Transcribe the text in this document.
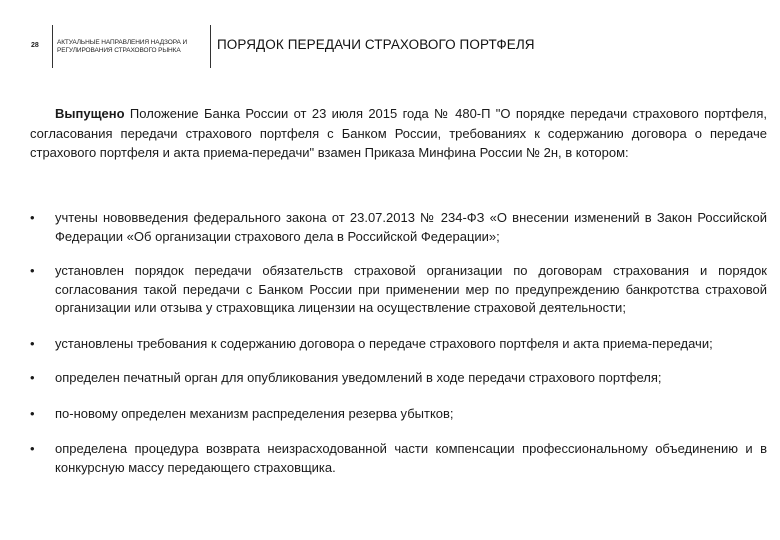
28	АКТУАЛЬНЫЕ НАПРАВЛЕНИЯ НАДЗОРА И РЕГУЛИРОВАНИЯ СТРАХОВОГО РЫНКА	ПОРЯДОК ПЕРЕДАЧИ СТРАХОВОГО ПОРТФЕЛЯ

Выпущено Положение Банка России от 23 июля 2015 года № 480-П "О порядке передачи страхового портфеля, согласования передачи страхового портфеля с Банком России, требованиях к содержанию договора о передаче страхового портфеля и акта приема-передачи" взамен Приказа Минфина России № 2н, в котором:

•	учтены нововведения федерального закона от 23.07.2013 № 234-ФЗ «О внесении изменений в Закон Российской Федерации «Об организации страхового дела в Российской Федерации»;
•	установлен порядок передачи обязательств страховой организации по договорам страхования и порядок согласования такой передачи с Банком России при применении мер по предупреждению банкротства страховой организации или отзыва у страховщика лицензии на осуществление страховой деятельности;
•	установлены требования к содержанию договора о передаче страхового портфеля и акта приема-передачи;
•	определен печатный орган для опубликования уведомлений в ходе передачи страхового портфеля;
•	по-новому определен механизм распределения резерва убытков;
•	определена процедура возврата неизрасходованной части компенсации профессиональному объединению и в конкурсную массу передающего страховщика.
